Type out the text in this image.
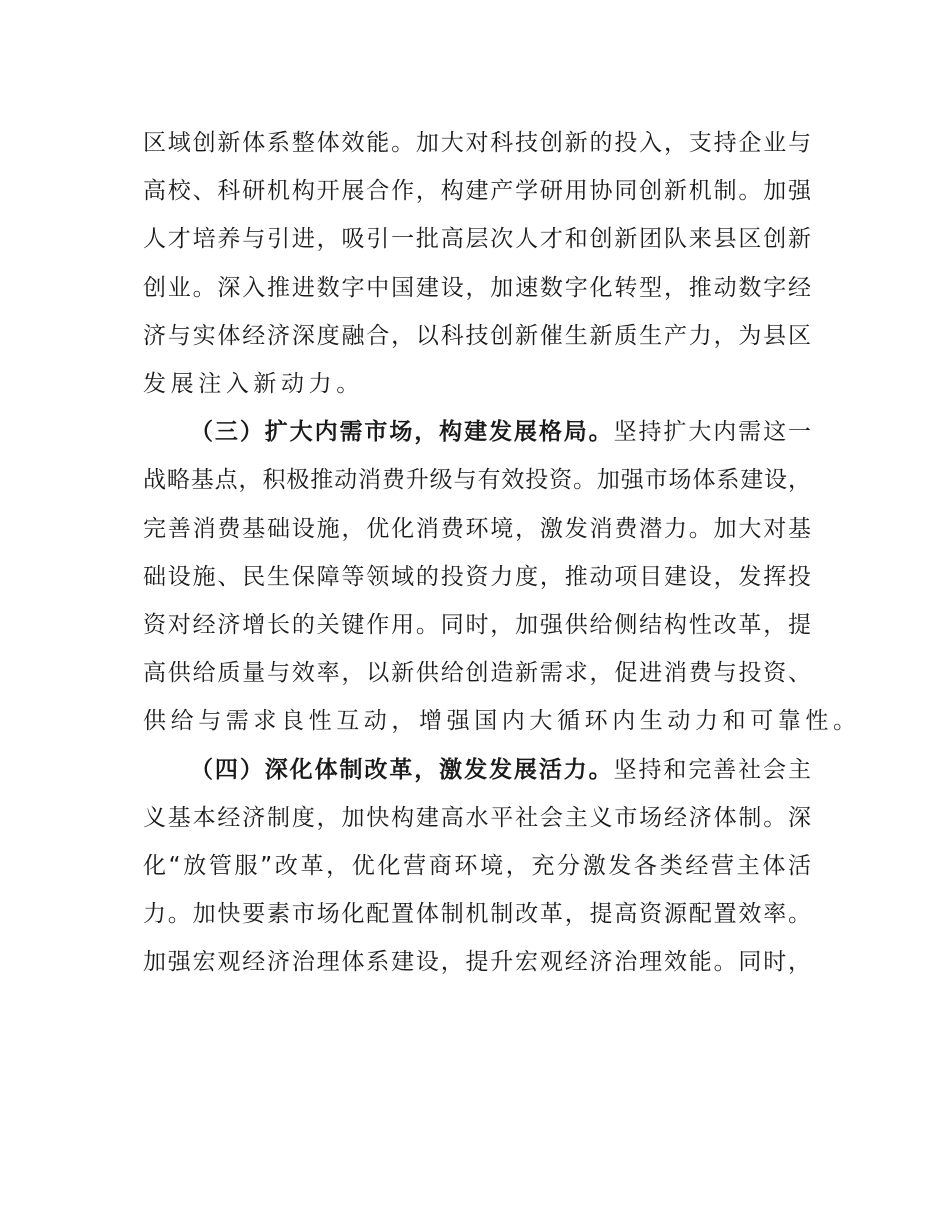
区域创新体系整体效能。加大对科技创新的投入，支持企业与
高校、科研机构开展合作，构建产学研用协同创新机制。加强
人才培养与引进，吸引一批高层次人才和创新团队来县区创新
创业。深入推进数字中国建设，加速数字化转型，推动数字经
济与实体经济深度融合，以科技创新催生新质生产力，为县区
发展注入新动力。
（三）扩大内需市场，构建发展格局。坚持扩大内需这一
战略基点，积极推动消费升级与有效投资。加强市场体系建设，
完善消费基础设施，优化消费环境，激发消费潜力。加大对基
础设施、民生保障等领域的投资力度，推动项目建设，发挥投
资对经济增长的关键作用。同时，加强供给侧结构性改革，提
高供给质量与效率，以新供给创造新需求，促进消费与投资、
供给与需求良性互动，增强国内大循环内生动力和可靠性。
（四）深化体制改革，激发发展活力。坚持和完善社会主
义基本经济制度，加快构建高水平社会主义市场经济体制。深
化“放管服”改革，优化营商环境，充分激发各类经营主体活
力。加快要素市场化配置体制机制改革，提高资源配置效率。
加强宏观经济治理体系建设，提升宏观经济治理效能。同时，
